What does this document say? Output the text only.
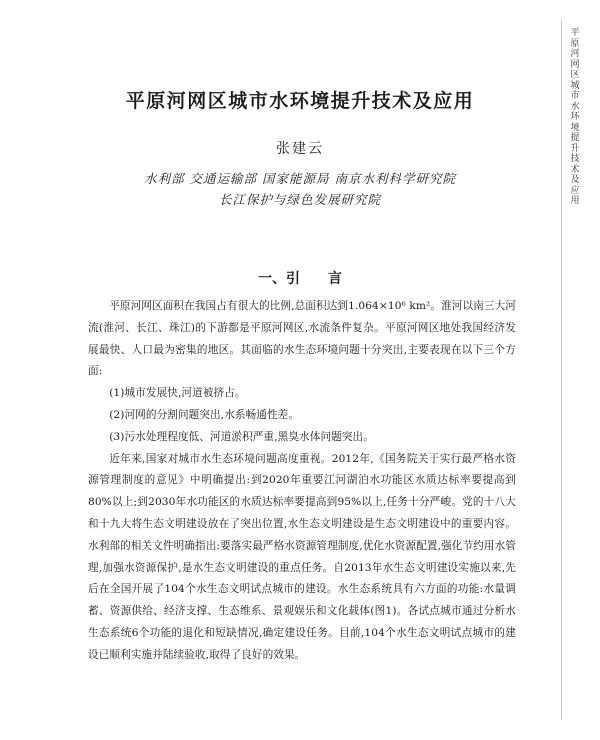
平
原
河
网
区
城
市
水
环
境
提
升
技
术
及
应
用
平原河网区城市水环境提升技术及应用
张建云
水利部 交通运输部 国家能源局 南京水利科学研究院
长江保护与绿色发展研究院
一、引　　言

平原河网区面积在我国占有很大的比例,总面积达到1.064×10⁶ km²。淮河以南三大河流(淮河、长江、珠江)的下游都是平原河网区,水流条件复杂。平原河网区地处我国经济发展最快、人口最为密集的地区。其面临的水生态环境问题十分突出,主要表现在以下三个方面:

(1)城市发展快,河道被挤占。

(2)河网的分割问题突出,水系畅通性差。

(3)污水处理程度低、河道淤积严重,黑臭水体问题突出。

近年来,国家对城市水生态环境问题高度重视。2012年,《国务院关于实行最严格水资源管理制度的意见》中明确提出:到2020年重要江河湖泊水功能区水质达标率要提高到80%以上;到2030年水功能区的水质达标率要提高到95%以上,任务十分严峻。党的十八大和十九大将生态文明建设放在了突出位置,水生态文明建设是生态文明建设中的重要内容。水利部的相关文件明确指出:要落实最严格水资源管理制度,优化水资源配置,强化节约用水管理,加强水资源保护,是水生态文明建设的重点任务。自2013年水生态文明建设实施以来,先后在全国开展了104个水生态文明试点城市的建设。水生态系统具有六方面的功能:水量调蓄、资源供给、经济支撑、生态维系、景观娱乐和文化载体(图1)。各试点城市通过分析水生态系统6个功能的退化和短缺情况,确定建设任务。目前,104个水生态文明试点城市的建设已顺利实施并陆续验收,取得了良好的效果。
